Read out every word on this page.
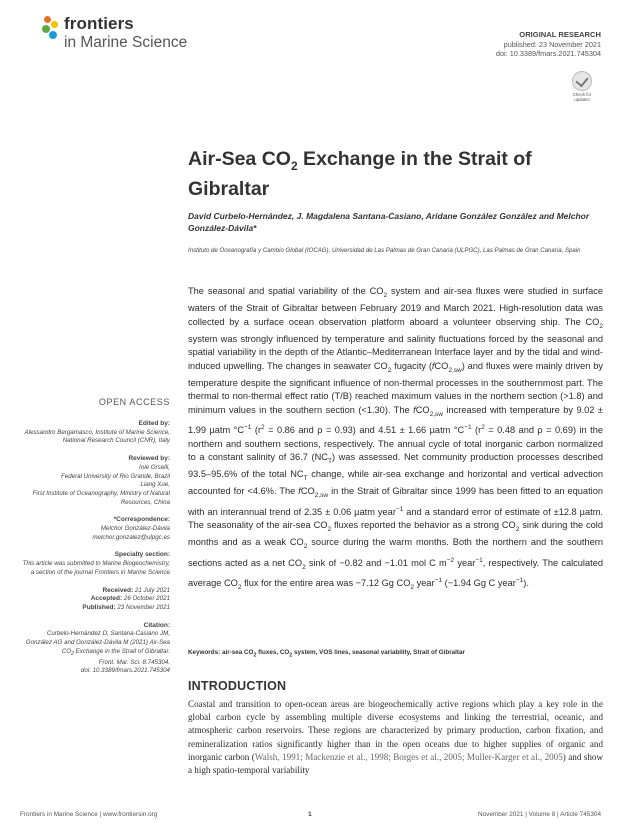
frontiers
in Marine Science	ORIGINAL RESEARCH
published: 23 November 2021
doi: 10.3389/fmars.2021.745304
Check for
updates
Air-Sea $CO_2$ Exchange in the Strait of Gibraltar
David Curbelo-Hernández, J. Magdalena Santana-Casiano, Aridane González González and Melchor González-Dávila*
Instituto de Oceanografía y Cambio Global (IOCAG), Universidad de Las Palmas de Gran Canaria (ULPGC), Las Palmas de Gran Canaria, Spain
The seasonal and spatial variability of the $CO_2$ system and air-sea fluxes were studied in surface waters of the Strait of Gibraltar between February 2019 and March 2021. High-resolution data was collected by a surface ocean observation platform aboard a volunteer observing ship. The $CO_2$ system was strongly influenced by temperature and salinity fluctuations forced by the seasonal and spatial variability in the depth of the Atlantic–Mediterranean Interface layer and by the tidal and wind-induced upwelling. The changes in seawater $CO_2$ fugacity (fCO$_{2,sw}$) and fluxes were mainly driven by temperature despite the significant influence of non-thermal processes in the southernmost part. The thermal to non-thermal effect ratio (T/B) reached maximum values in the northern section (>1.8) and minimum values in the southern section (<1.30). The fCO$_{2,sw}$ increased with temperature by 9.02 ± 1.99 µatm $^\circ C^{-1}$ ($r^2 = 0.86$ and ρ = 0.93) and 4.51 ± 1.66 µatm $^\circ C^{-1}$ ($r^2 = 0.48$ and ρ = 0.69) in the northern and southern sections, respectively. The annual cycle of total inorganic carbon normalized to a constant salinity of 36.7 $(NC_T)$ was assessed. Net community production processes described 93.5–95.6% of the total $NC_T$ change, while air-sea exchange and horizontal and vertical advection accounted for <4.6%. The fCO$_{2,sw}$ in the Strait of Gibraltar since 1999 has been fitted to an equation with an interannual trend of 2.35 ± 0.06 µatm year$^{-1}$ and a standard error of estimate of ±12.8 µatm. The seasonality of the air-sea $CO_2$ fluxes reported the behavior as a strong $CO_2$ sink during the cold months and as a weak $CO_2$ source during the warm months. Both the northern and the southern sections acted as a net $CO_2$ sink of −0.82 and −1.01 mol C $m^{-2}$ year$^{-1}$, respectively. The calculated average $CO_2$ flux for the entire area was −7.12 Gg $CO_2$ year$^{-1}$ (−1.94 Gg C year$^{-1}$).
Keywords: air-sea $CO_2$ fluxes, $CO_2$ system, VOS lines, seasonal variability, Strait of Gibraltar
INTRODUCTION
Coastal and transition to open-ocean areas are biogeochemically active regions which play a key role in the global carbon cycle by assembling multiple diverse ecosystems and linking the terrestrial, oceanic, and atmospheric carbon reservoirs. These regions are characterized by primary production, carbon fixation, and remineralization ratios significantly higher than in the open oceans due to higher supplies of organic and inorganic carbon (Walsh, 1991; Mackenzie et al., 1998; Borges et al., 2005; Muller-Karger et al., 2005) and show a high spatio-temporal variability
OPEN ACCESS
Edited by:
Alessandro Bergamasco, Institute of Marine Science, National Research Council (CNR), Italy
Reviewed by:
Iole Orselli,
Federal University of Rio Grande, Brazil
Liang Xue,
First Institute of Oceanography, Ministry of Natural Resources, China
*Correspondence:
Melchor González-Dávila
melchor.gonzalez@ulpgc.es
Specialty section:
This article was submitted to Marine Biogeochemistry, a section of the journal Frontiers in Marine Science
Received: 21 July 2021
Accepted: 26 October 2021
Published: 23 November 2021
Citation:
Curbelo-Hernández D, Santana-Casiano JM, González AG and González-Dávila M (2021) Air-Sea $CO_2$ Exchange in the Strait of Gibraltar.
Front. Mar. Sci. 8:745304.
doi: 10.3389/fmars.2021.745304
Frontiers in Marine Science | www.frontiersin.org	1	November 2021 | Volume 8 | Article 745304
